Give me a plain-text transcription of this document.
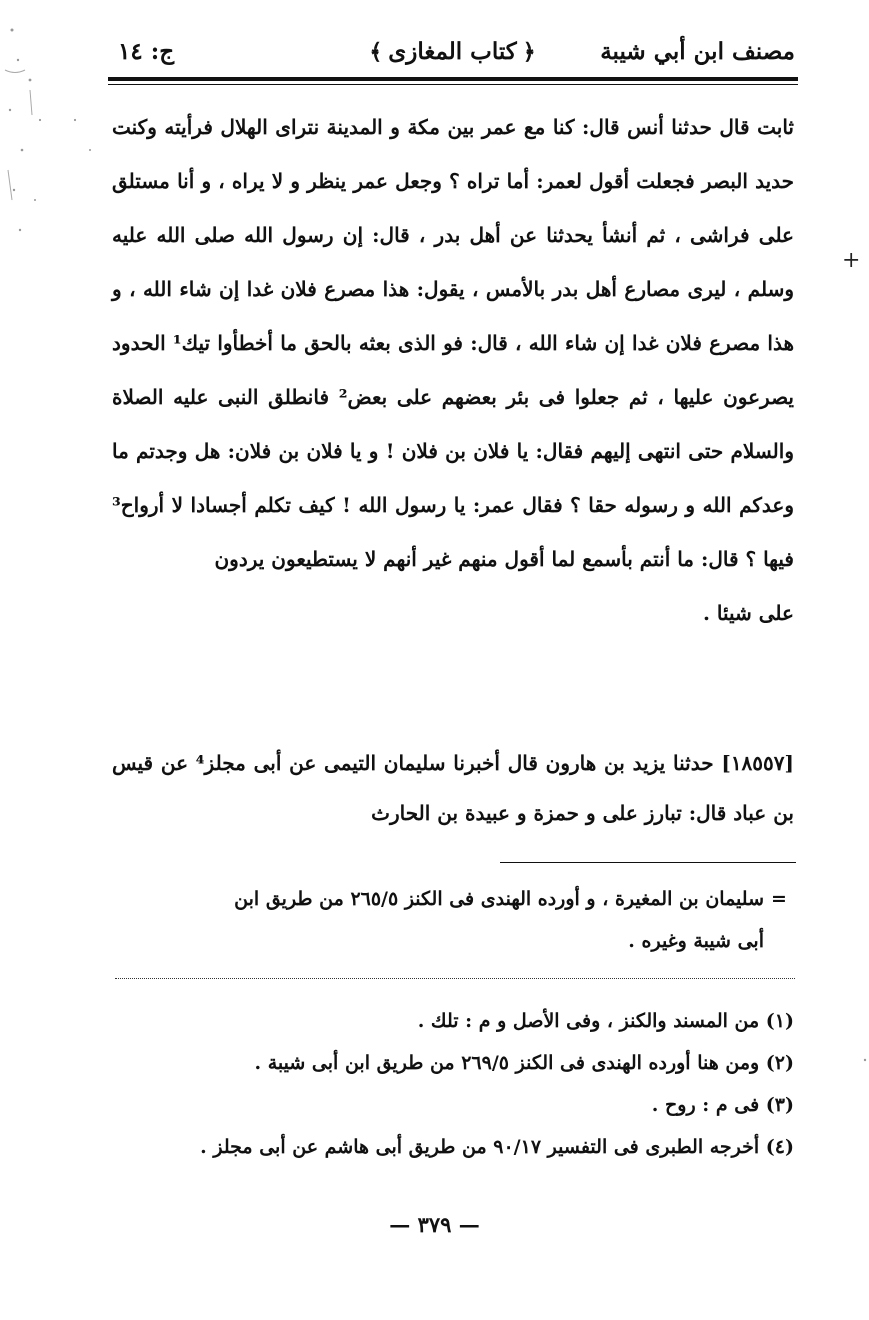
مصنف ابن أبي شيبة
﴿كتاب المغازى﴾
ج: ١٤

ثابت قال حدثنا أنس قال: كنا مع عمر بين مكة و المدينة نتراى الهلال فرأيته وكنت حديد البصر فجعلت أقول لعمر: أما تراه ؟ وجعل عمر ينظر و لا يراه ، و أنا مستلق على فراشى ، ثم أنشأ يحدثنا عن أهل بدر ، قال: إن رسول الله صلى الله عليه وسلم ، ليرى مصارع أهل بدر بالأمس ، يقول: هذا مصرع فلان غدا إن شاء الله ، و هذا مصرع فلان غدا إن شاء الله ، قال: فو الذى بعثه بالحق ما أخطأوا تيك¹ الحدود يصرعون عليها ، ثم جعلوا فى بئر بعضهم على بعض² فانطلق النبى عليه الصلاة والسلام حتى انتهى إليهم فقال: يا فلان بن فلان ! و يا فلان بن فلان: هل وجدتم ما وعدكم الله و رسوله حقا ؟ فقال عمر: يا رسول الله ! كيف تكلم أجسادا لا أرواح³ فيها ؟ قال: ما أنتم بأسمع لما أقول منهم غير أنهم لا يستطيعون يردون

على شيئا .

[١٨٥٥٧] حدثنا يزيد بن هارون قال أخبرنا سليمان التيمى عن أبى مجلز⁴ عن قيس بن عباد قال: تبارز على و حمزة و عبيدة بن الحارث

=سليمان بن المغيرة ، و أورده الهندى فى الكنز ٢٦٥/٥ من طريق ابن
أبى شيبة وغيره .

(١) من المسند والكنز ، وفى الأصل و م : تلك .

(٢) ومن هنا أورده الهندى فى الكنز ٢٦٩/٥ من طريق ابن أبى شيبة .

(٣) فى م : روح .

(٤) أخرجه الطبرى فى التفسير ٩٠/١٧ من طريق أبى هاشم عن أبى مجلز .

— ٣٧٩ —
+
